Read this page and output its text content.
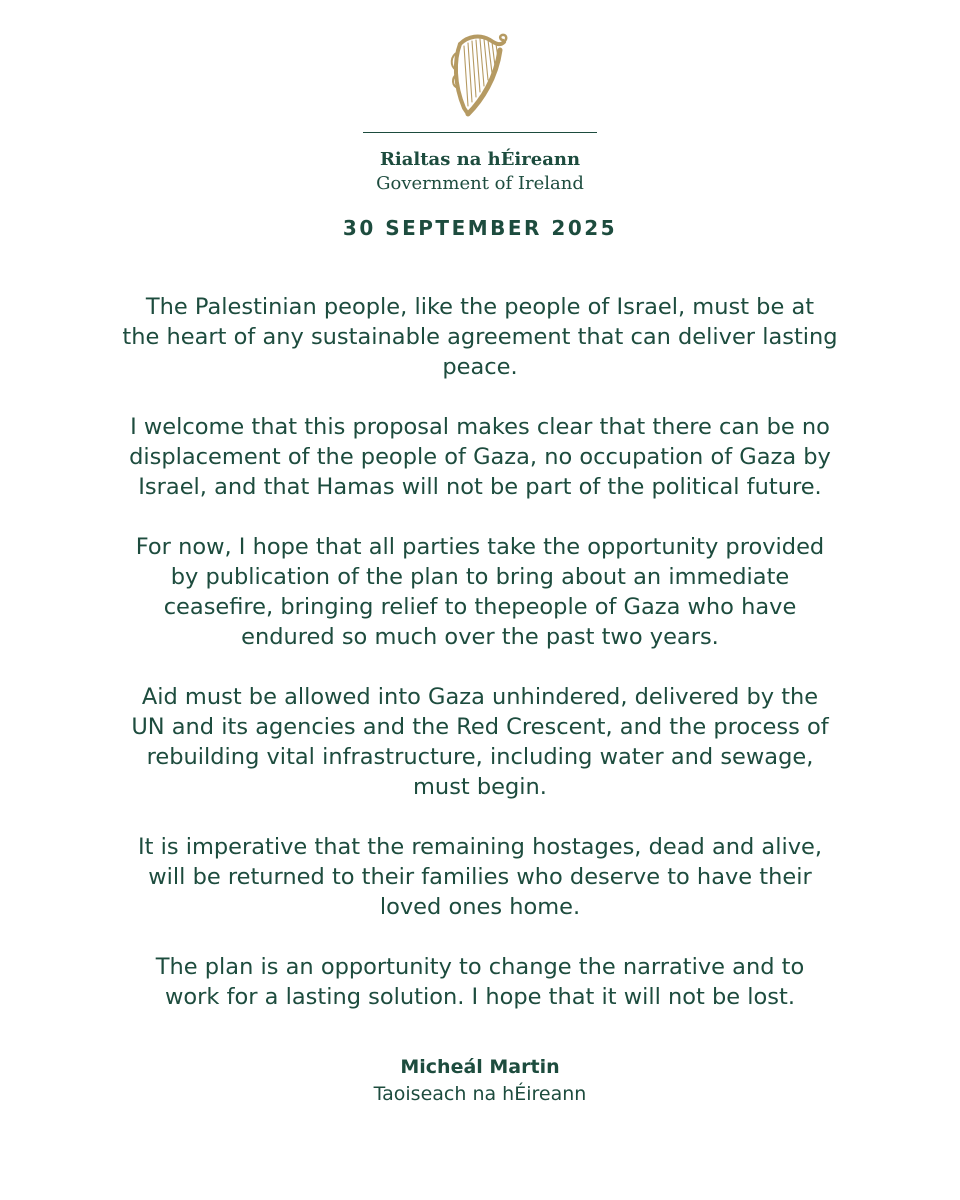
Rialtas na hÉireann
Government of Ireland
30 SEPTEMBER 2025

The Palestinian people, like the people of Israel, must be at
the heart of any sustainable agreement that can deliver lasting
peace.

I welcome that this proposal makes clear that there can be no
displacement of the people of Gaza, no occupation of Gaza by
Israel, and that Hamas will not be part of the political future.

For now, I hope that all parties take the opportunity provided
by publication of the plan to bring about an immediate
ceasefire, bringing relief to thepeople of Gaza who have
endured so much over the past two years.

Aid must be allowed into Gaza unhindered, delivered by the
UN and its agencies and the Red Crescent, and the process of
rebuilding vital infrastructure, including water and sewage,
must begin.

It is imperative that the remaining hostages, dead and alive,
will be returned to their families who deserve to have their
loved ones home.

The plan is an opportunity to change the narrative and to
work for a lasting solution. I hope that it will not be lost.

Micheál Martin
Taoiseach na hÉireann
